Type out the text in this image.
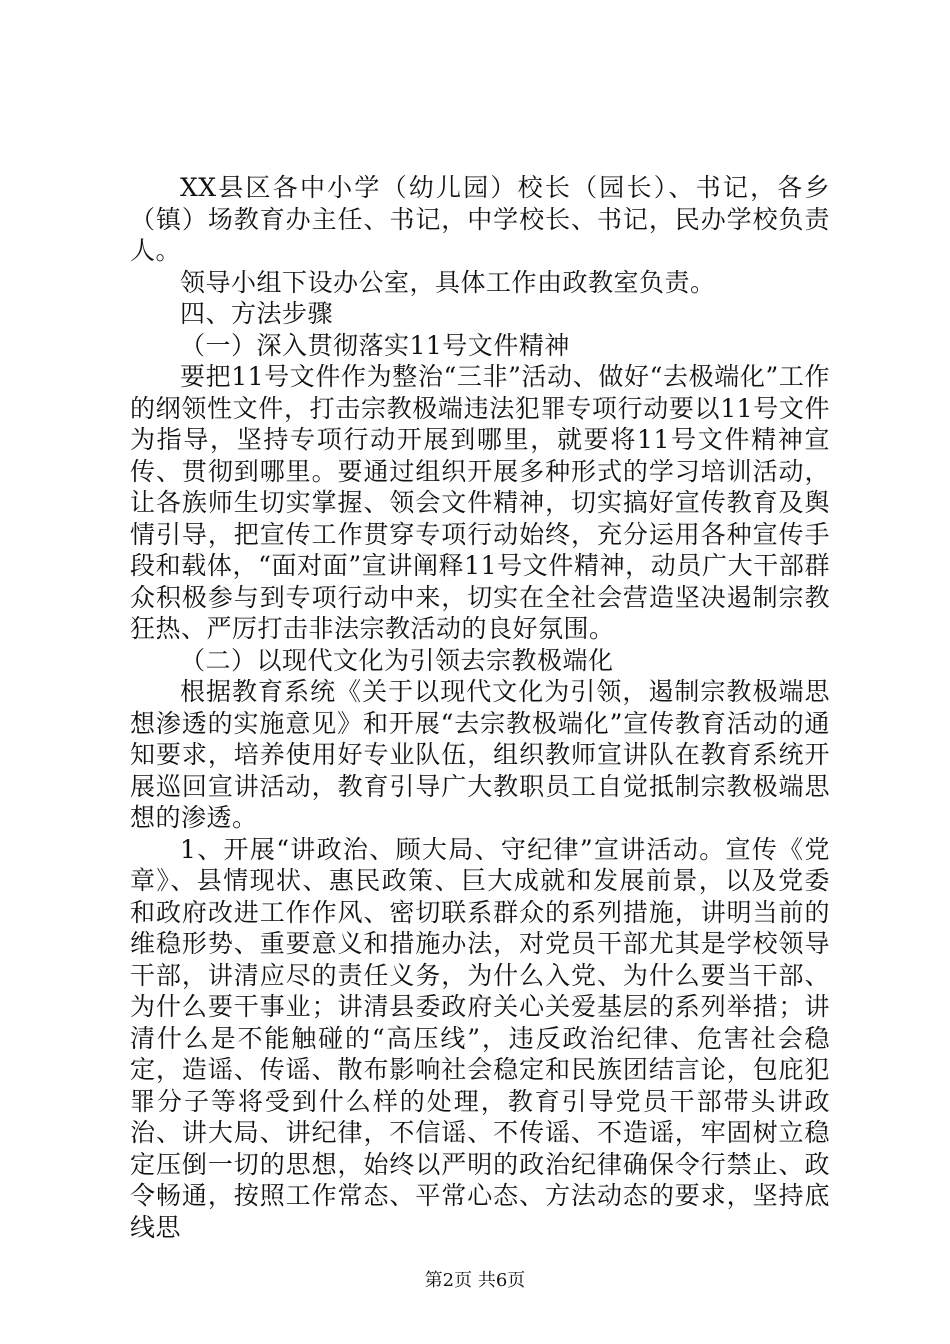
XX县区各中小学（幼儿园）校长（园长）、书记，各乡（镇）场教育办主任、书记，中学校长、书记，民办学校负责人。

领导小组下设办公室，具体工作由政教室负责。

四、方法步骤

（一）深入贯彻落实11号文件精神

要把11号文件作为整治“三非”活动、做好“去极端化”工作的纲领性文件，打击宗教极端违法犯罪专项行动要以11号文件为指导，坚持专项行动开展到哪里，就要将11号文件精神宣传、贯彻到哪里。要通过组织开展多种形式的学习培训活动，让各族师生切实掌握、领会文件精神，切实搞好宣传教育及舆情引导，把宣传工作贯穿专项行动始终，充分运用各种宣传手段和载体，“面对面”宣讲阐释11号文件精神，动员广大干部群众积极参与到专项行动中来，切实在全社会营造坚决遏制宗教狂热、严厉打击非法宗教活动的良好氛围。

（二）以现代文化为引领去宗教极端化

根据教育系统《关于以现代文化为引领，遏制宗教极端思想渗透的实施意见》和开展“去宗教极端化”宣传教育活动的通知要求，培养使用好专业队伍，组织教师宣讲队在教育系统开展巡回宣讲活动，教育引导广大教职员工自觉抵制宗教极端思想的渗透。

1、开展“讲政治、顾大局、守纪律”宣讲活动。宣传《党章》、县情现状、惠民政策、巨大成就和发展前景，以及党委和政府改进工作作风、密切联系群众的系列措施，讲明当前的维稳形势、重要意义和措施办法，对党员干部尤其是学校领导干部，讲清应尽的责任义务，为什么入党、为什么要当干部、为什么要干事业；讲清县委政府关心关爱基层的系列举措；讲清什么是不能触碰的“高压线”，违反政治纪律、危害社会稳定，造谣、传谣、散布影响社会稳定和民族团结言论，包庇犯罪分子等将受到什么样的处理，教育引导党员干部带头讲政治、讲大局、讲纪律，不信谣、不传谣、不造谣，牢固树立稳定压倒一切的思想，始终以严明的政治纪律确保令行禁止、政令畅通，按照工作常态、平常心态、方法动态的要求，坚持底线思

第2页 共6页
